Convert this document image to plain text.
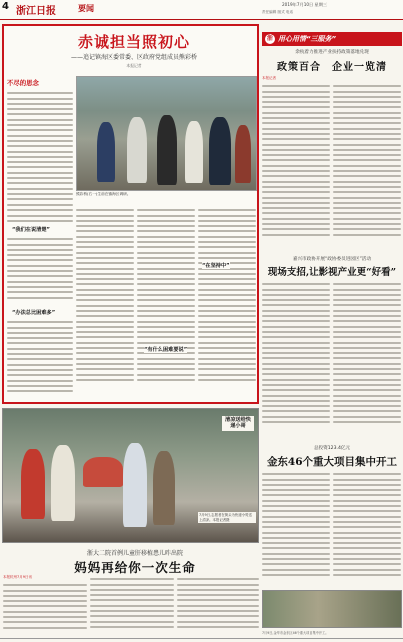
4 浙江日报	要闻	2019年7月10日 星期三
责任编辑 版式 电话
赤诚担当照初心
——追记镇海区委常委、区政府党组成员熊彩桥
本报记者
不尽的思念
熊彩桥(右一)生前在镇海区调研。
“我们在说清楚”
“办法总比困难多”
“有什么困难要说”
“在坚持中”
清凉送给快递小哥
7月9日,志愿者在街头为快递小哥送上清凉。本报记者摄
浙大二院首例儿童肝移植患儿昨出院
妈妈再给你一次生命
本报杭州7月9日讯
浙 用心用情“三服务”
余杭着力推进产业扶持政策落地兑现
政策百合　企业一览清
本报记者
嘉兴市政协开展“政协委员进园区”活动
现场支招,让影视产业更“好看”
总投资123.4亿元
金东46个重大项目集中开工
7月9日,金华市金东区46个重大项目集中开工。
